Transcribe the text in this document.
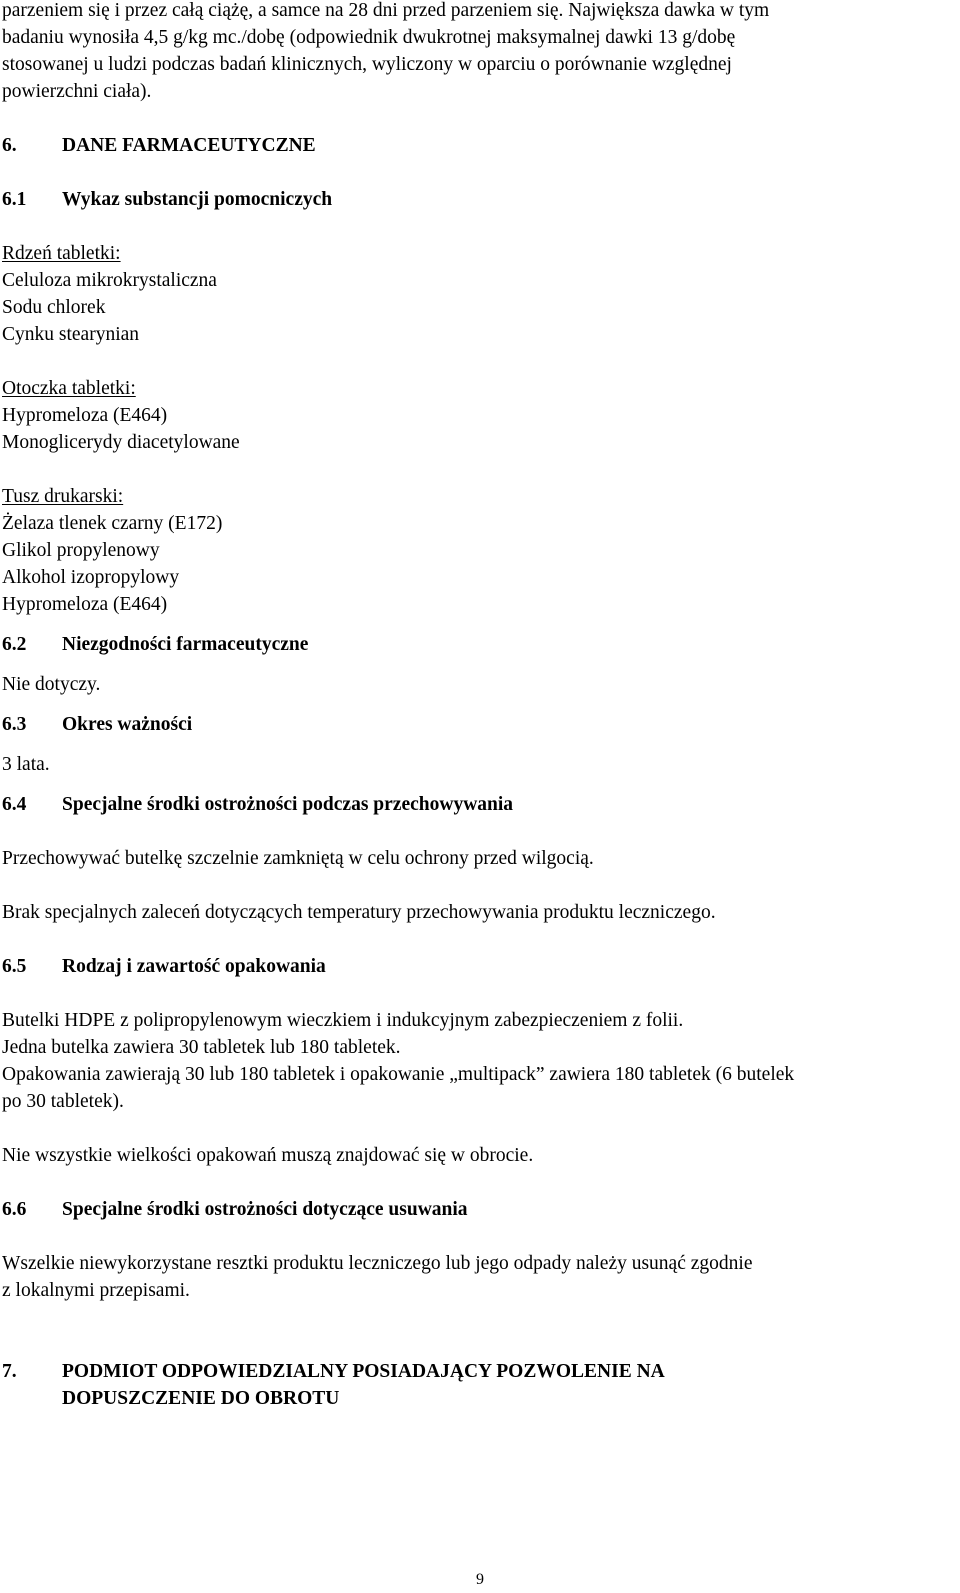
parzeniem się i przez całą ciążę, a samce na 28 dni przed parzeniem się. Największa dawka w tym

badaniu wynosiła 4,5 g/kg mc./dobę (odpowiednik dwukrotnej maksymalnej dawki 13 g/dobę

stosowanej u ludzi podczas badań klinicznych, wyliczony w oparciu o porównanie względnej

powierzchni ciała).

6.	DANE FARMACEUTYCZNE
6.1	Wykaz substancji pomocniczych

Rdzeń tabletki:

Celuloza mikrokrystaliczna

Sodu chlorek

Cynku stearynian

Otoczka tabletki:

Hypromeloza (E464)

Monoglicerydy diacetylowane

Tusz drukarski:

Żelaza tlenek czarny (E172)

Glikol propylenowy

Alkohol izopropylowy

Hypromeloza (E464)

6.2	Niezgodności farmaceutyczne

Nie dotyczy.

6.3	Okres ważności

3 lata.

6.4	Specjalne środki ostrożności podczas przechowywania

Przechowywać butelkę szczelnie zamkniętą w celu ochrony przed wilgocią.

Brak specjalnych zaleceń dotyczących temperatury przechowywania produktu leczniczego.

6.5	Rodzaj i zawartość opakowania

Butelki HDPE z polipropylenowym wieczkiem i indukcyjnym zabezpieczeniem z folii.

Jedna butelka zawiera 30 tabletek lub 180 tabletek.

Opakowania zawierają 30 lub 180 tabletek i opakowanie „multipack” zawiera 180 tabletek (6 butelek

po 30 tabletek).

Nie wszystkie wielkości opakowań muszą znajdować się w obrocie.

6.6	Specjalne środki ostrożności dotyczące usuwania

Wszelkie niewykorzystane resztki produktu leczniczego lub jego odpady należy usunąć zgodnie

z lokalnymi przepisami.

7.	PODMIOT ODPOWIEDZIALNY POSIADAJĄCY POZWOLENIE NA
DOPUSZCZENIE DO OBROTU
9
